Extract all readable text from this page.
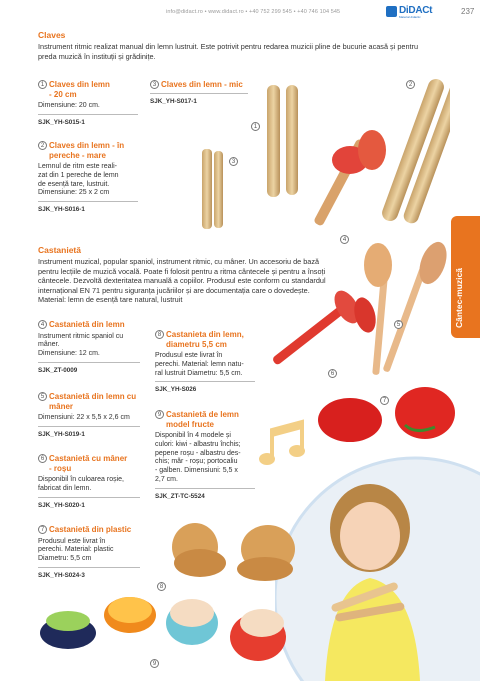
info@didact.ro • www.didact.ro • +40 752 299 545 • +40 746 104 545	DiDACt
Material didactic
237
Cântec-muzică
Claves
Instrument ritmic realizat manual din lemn lustruit. Este potrivit pentru redarea muzicii pline de bucurie acasă și pentru
preda muzică în instituții și grădinițe.
1 Claves din lemn
- 20 cm
Dimensiune: 20 cm.
SJK_YH-S015-1
2 Claves din lemn - în
pereche - mare
Lemnul de ritm este reali-
zat din 1 pereche de lemn
de esență tare, lustruit.
Dimensiune: 25 x 2 cm
SJK_YH-S016-1
3 Claves din lemn - mic
SJK_YH-S017-1
3
1
2
4
Castanietă
Instrument muzical, popular spaniol, instrument ritmic, cu mâner. Un accesoriu de bază
pentru lecțiile de muzică vocală. Poate fi folosit pentru a ritma cântecele și pentru a însoți
cântecele. Dezvoltă dexteritatea manuală a copiilor. Produsul este conform cu standardul
internațional EN 71 pentru siguranța jucăriilor și are documentația care o dovedește.
Material: lemn de esență tare natural, lustruit
4 Castanietă din lemn
Instrument ritmic spaniol cu
mâner.
Dimensiune: 12 cm.
SJK_ZT-0009
5 Castanietă din lemn cu
mâner
Dimensiuni: 22 x 5,5 x 2,6 cm
SJK_YH-S019-1
6 Castanietă cu mâner
- roșu
Disponibil în culoarea roșie,
fabricat din lemn.
SJK_YH-S020-1
7 Castanietă din plastic
Produsul este livrat în
perechi. Material: plastic
Diametru: 5,5 cm
SJK_YH-S024-3
8 Castanieta din lemn,
diametru 5,5 cm
Produsul este livrat în
perechi. Material: lemn natu-
ral lustruit Diametru: 5,5 cm.
SJK_YH-S026
9 Castanietă de lemn
model fructe
Disponibil în 4 modele și
culori: kiwi - albastru închis;
pepene roșu - albastru des-
chis; măr - roșu; portocaliu
- galben. Dimensiuni: 5,5 x
2,7 cm.
SJK_ZT-TC-5524
5
6
7
8
9
